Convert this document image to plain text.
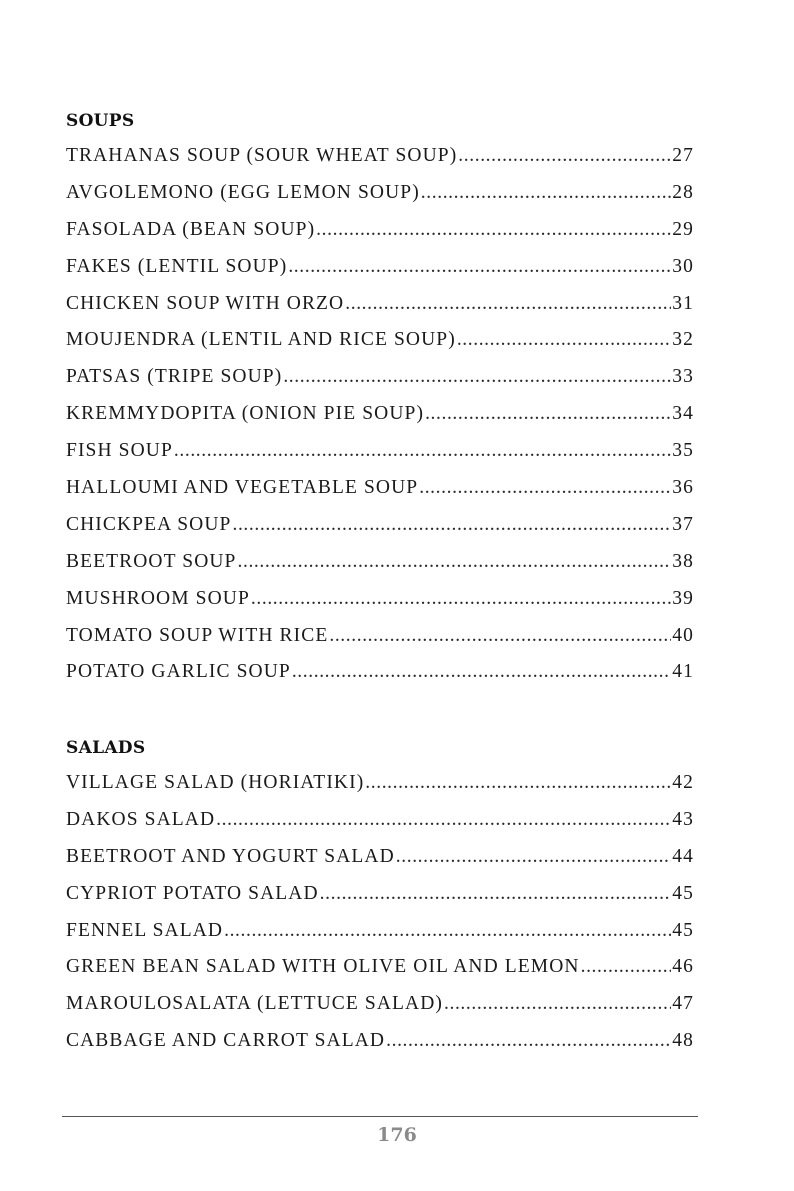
SOUPS
TRAHANAS SOUP (SOUR WHEAT SOUP) .....	27
AVGOLEMONO (EGG LEMON SOUP) .....	28
FASOLADA (BEAN SOUP) .....	29
FAKES (LENTIL SOUP) .....	30
CHICKEN SOUP WITH ORZO .....	31
MOUJENDRA (LENTIL AND RICE SOUP) .....	32
PATSAS (TRIPE SOUP) .....	33
KREMMYDOPITA (ONION PIE SOUP) .....	34
FISH SOUP .....	35
HALLOUMI AND VEGETABLE SOUP .....	36
CHICKPEA SOUP .....	37
BEETROOT SOUP .....	38
MUSHROOM SOUP .....	39
TOMATO SOUP WITH RICE .....	40
POTATO GARLIC SOUP .....	41
SALADS
VILLAGE SALAD (HORIATIKI) .....	42
DAKOS SALAD .....	43
BEETROOT AND YOGURT SALAD .....	44
CYPRIOT POTATO SALAD .....	45
FENNEL SALAD .....	45
GREEN BEAN SALAD WITH OLIVE OIL AND LEMON .....	46
MAROULOSALATA (LETTUCE SALAD) .....	47
CABBAGE AND CARROT SALAD .....	48
176
